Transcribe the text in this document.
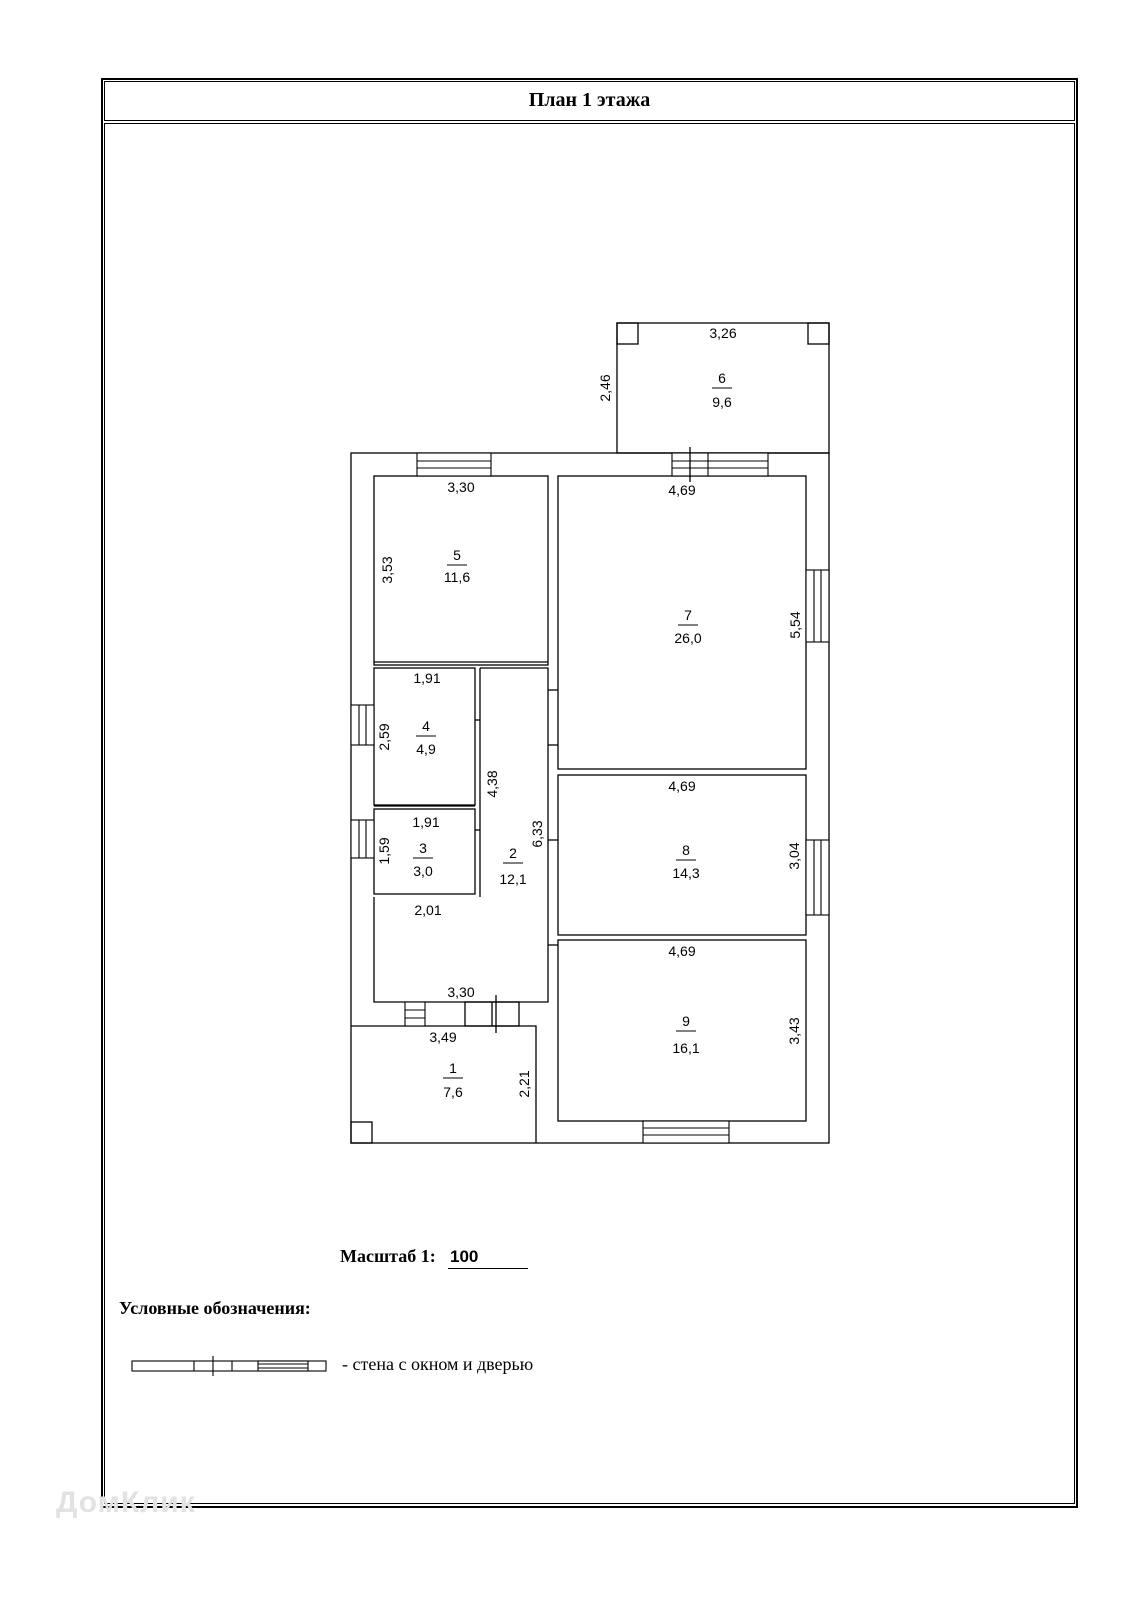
План 1 этажа
6
9,6
5
11,6
7
26,0
4
4,9
3
3,0
2
12,1
8
14,3
9
16,1
1
7,6
3,26
2,46
3,30
3,53
4,69
5,54
1,91
2,59
1,91
1,59
4,38
6,33
2,01
3,30
4,69
3,04
4,69
3,43
3,49
2,21
Масштаб 1: 100
Условные обозначения:
- стена с окном и дверью
ДомКлик
